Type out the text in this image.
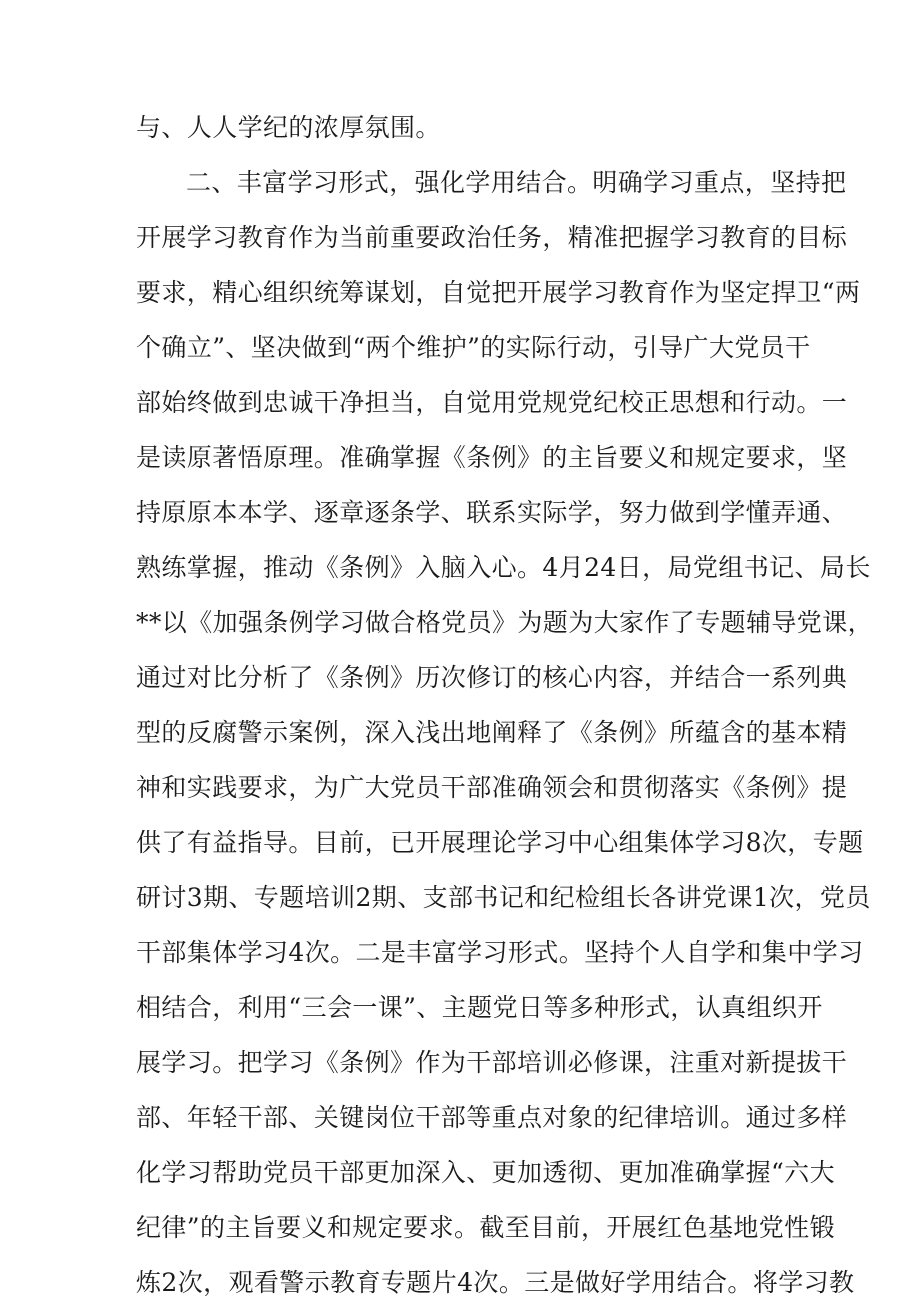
与、人人学纪的浓厚氛围。
二、丰富学习形式，强化学用结合。明确学习重点，坚持把
开展学习教育作为当前重要政治任务，精准把握学习教育的目标
要求，精心组织统筹谋划，自觉把开展学习教育作为坚定捍卫“两
个确立”、坚决做到“两个维护”的实际行动，引导广大党员干
部始终做到忠诚干净担当，自觉用党规党纪校正思想和行动。一
是读原著悟原理。准确掌握《条例》的主旨要义和规定要求，坚
持原原本本学、逐章逐条学、联系实际学，努力做到学懂弄通、
熟练掌握，推动《条例》入脑入心。4月24日，局党组书记、局长
**以《加强条例学习做合格党员》为题为大家作了专题辅导党课，
通过对比分析了《条例》历次修订的核心内容，并结合一系列典
型的反腐警示案例，深入浅出地阐释了《条例》所蕴含的基本精
神和实践要求，为广大党员干部准确领会和贯彻落实《条例》提
供了有益指导。目前，已开展理论学习中心组集体学习8次，专题
研讨3期、专题培训2期、支部书记和纪检组长各讲党课1次，党员
干部集体学习4次。二是丰富学习形式。坚持个人自学和集中学习
相结合，利用“三会一课”、主题党日等多种形式，认真组织开
展学习。把学习《条例》作为干部培训必修课，注重对新提拔干
部、年轻干部、关键岗位干部等重点对象的纪律培训。通过多样
化学习帮助党员干部更加深入、更加透彻、更加准确掌握“六大
纪律”的主旨要义和规定要求。截至目前，开展红色基地党性锻
炼2次，观看警示教育专题片4次。三是做好学用结合。将学习教
